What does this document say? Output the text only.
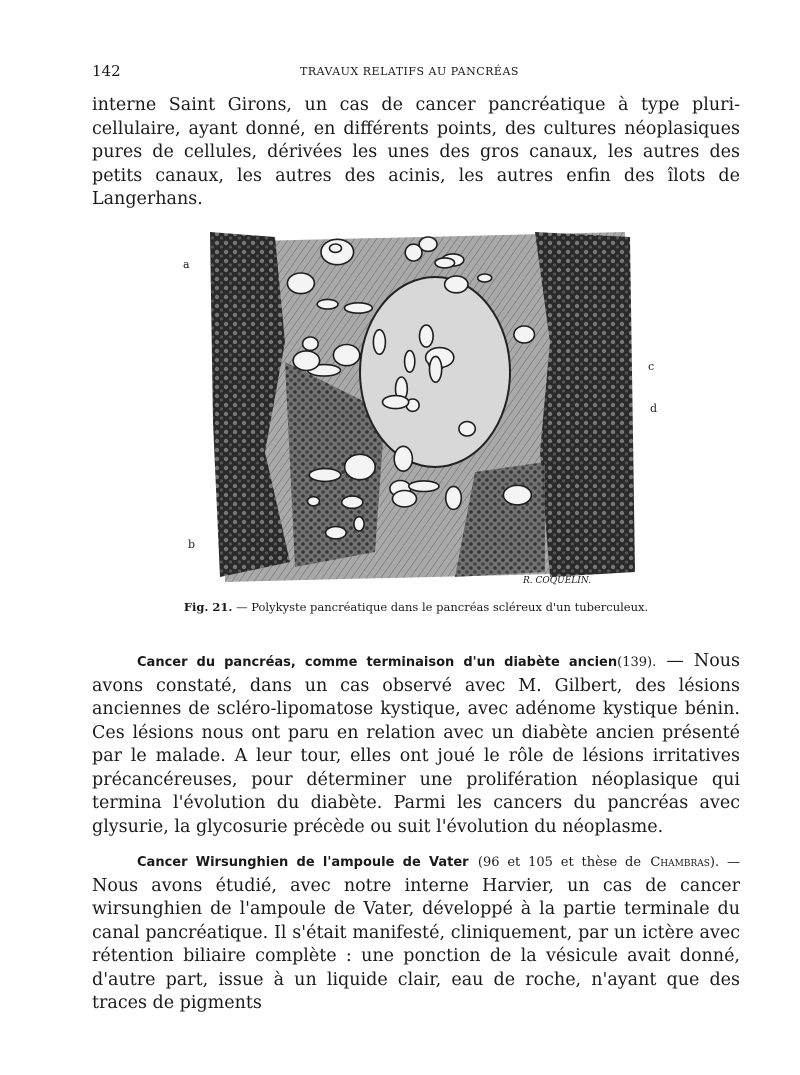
142	TRAVAUX RELATIFS AU PANCRÉAS

interne Saint Girons, un cas de cancer pancréatique à type pluri-cellulaire, ayant donné, en différents points, des cultures néoplasiques pures de cellules, dérivées les unes des gros canaux, les autres des petits canaux, les autres des acinis, les autres enfin des îlots de Langerhans.

a
b
c
d
R. COQUELIN.
Fig. 21. — Polykyste pancréatique dans le pancréas scléreux d'un tuberculeux.

Cancer du pancréas, comme terminaison d'un diabète ancien(139). — Nous avons constaté, dans un cas observé avec M. Gilbert, des lésions anciennes de scléro-lipomatose kystique, avec adénome kystique bénin. Ces lésions nous ont paru en relation avec un diabète ancien présenté par le malade. A leur tour, elles ont joué le rôle de lésions irritatives précancéreuses, pour déterminer une prolifération néoplasique qui termina l'évolution du diabète. Parmi les cancers du pancréas avec glysurie, la glycosurie précède ou suit l'évolution du néoplasme.

Cancer Wirsunghien de l'ampoule de Vater (96 et 105 et thèse de Chambras). — Nous avons étudié, avec notre interne Harvier, un cas de cancer wirsunghien de l'ampoule de Vater, développé à la partie terminale du canal pancréatique. Il s'était manifesté, cliniquement, par un ictère avec rétention biliaire complète : une ponction de la vésicule avait donné, d'autre part, issue à un liquide clair, eau de roche, n'ayant que des traces de pigments
